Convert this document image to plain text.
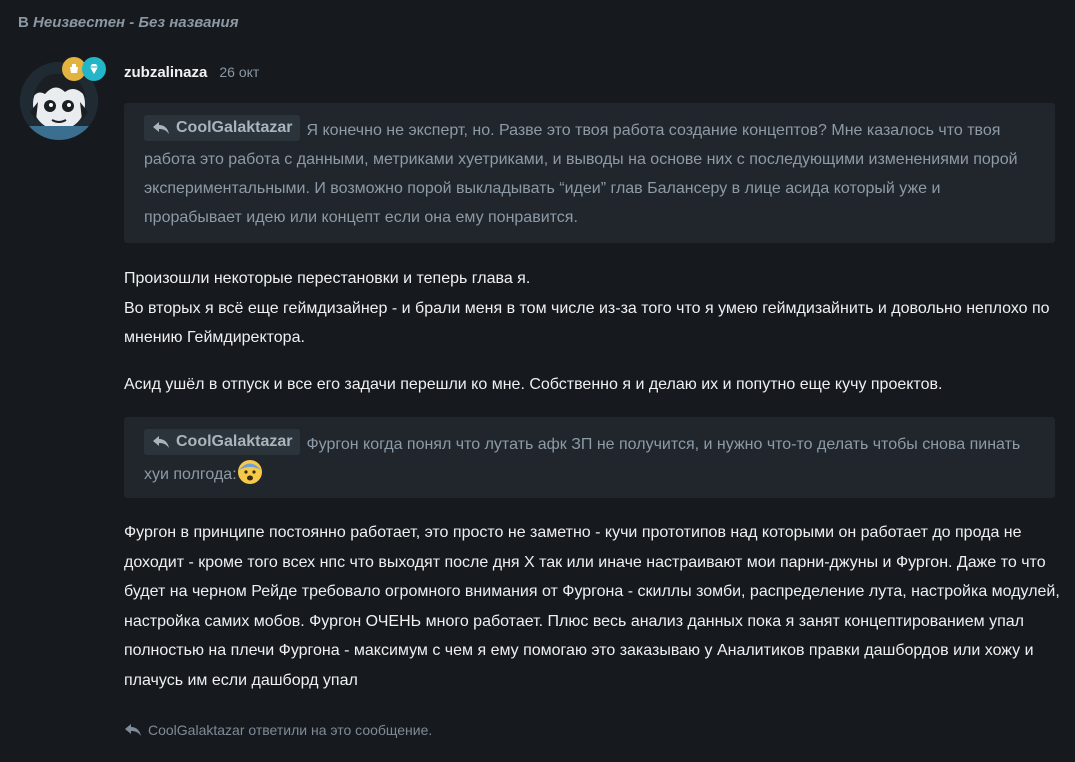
В Неизвестен - Без названия
zubzalinaza 26 окт
CoolGalaktazar Я конечно не эксперт, но. Разве это твоя работа создание концептов? Мне казалось что твоя работа это работа с данными, метриками хуетриками, и выводы на основе них с последующими изменениями порой экспериментальными. И возможно порой выкладывать “идеи” глав Балансеру в лице асида который уже и прорабывает идею или концепт если она ему понравится.

Произошли некоторые перестановки и теперь глава я.

Во вторых я всё еще геймдизайнер - и брали меня в том числе из-за того что я умею геймдизайнить и довольно неплохо по мнению Геймдиректора.

Асид ушёл в отпуск и все его задачи перешли ко мне. Собственно я и делаю их и попутно еще кучу проектов.

CoolGalaktazar Фургон когда понял что лутать афк ЗП не получится, и нужно что-то делать чтобы снова пинать хуи полгода:

Фургон в принципе постоянно работает, это просто не заметно - кучи прототипов над которыми он работает до прода не доходит - кроме того всех нпс что выходят после дня X так или иначе настраивают мои парни-джуны и Фургон. Даже то что будет на черном Рейде требовало огромного внимания от Фургона - скиллы зомби, распределение лута, настройка модулей, настройка самих мобов. Фургон ОЧЕНЬ много работает. Плюс весь анализ данных пока я занят концептированием упал полностью на плечи Фургона - максимум с чем я ему помогаю это заказываю у Аналитиков правки дашбордов или хожу и плачусь им если дашборд упал

CoolGalaktazar ответили на это сообщение.
